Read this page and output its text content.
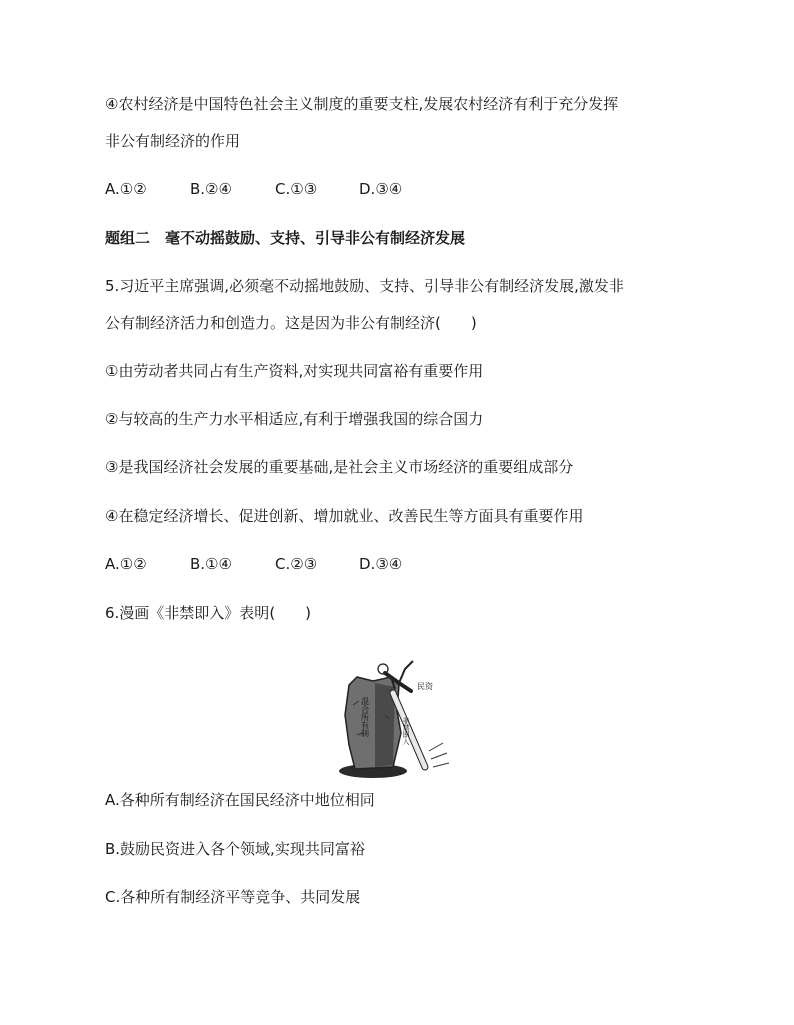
④农村经济是中国特色社会主义制度的重要支柱,发展农村经济有利于充分发挥
非公有制经济的作用
A.①②	B.②④	C.①③	D.③④
题组二　毫不动摇鼓励、支持、引导非公有制经济发展
5.习近平主席强调,必须毫不动摇地鼓励、支持、引导非公有制经济发展,激发非
公有制经济活力和创造力。这是因为非公有制经济(　　)
①由劳动者共同占有生产资料,对实现共同富裕有重要作用
②与较高的生产力水平相适应,有利于增强我国的综合国力
③是我国经济社会发展的重要基础,是社会主义市场经济的重要组成部分
④在稳定经济增长、促进创新、增加就业、改善民生等方面具有重要作用
A.①②	B.①④	C.②③	D.③④
6.漫画《非禁即入》表明(　　)
混合所有制	非禁即入
民资
A.各种所有制经济在国民经济中地位相同
B.鼓励民资进入各个领域,实现共同富裕
C.各种所有制经济平等竞争、共同发展
